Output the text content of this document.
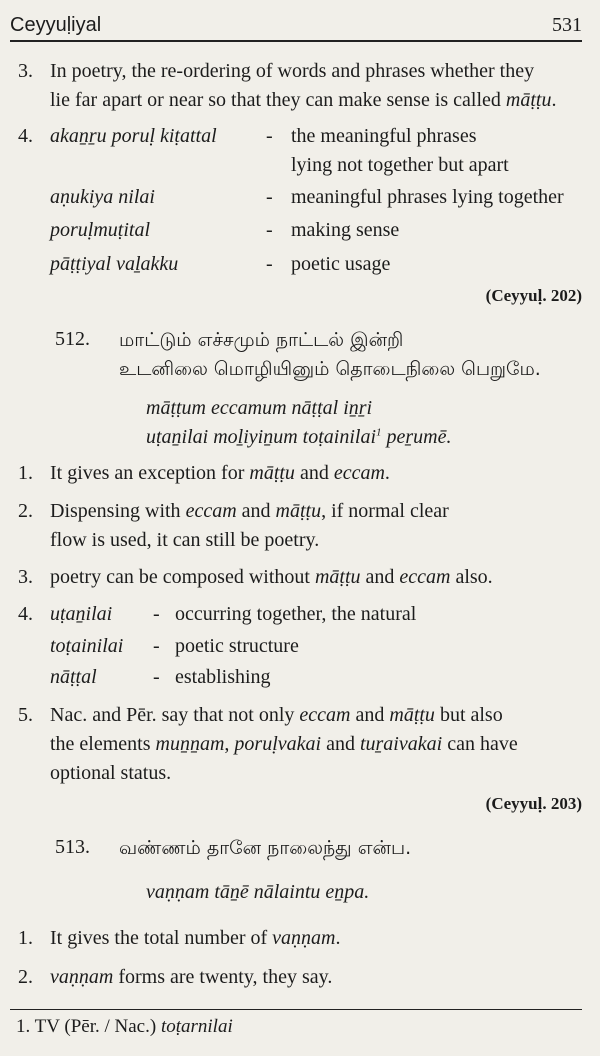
Ceyyuḷiyal	531
3. In poetry, the re-ordering of words and phrases whether they
lie far apart or near so that they can make sense is called māṭṭu.
4. akaṉṟu poruḷ kiṭattal - the meaningful phrases
lying not together but apart
aṇukiya nilai	- meaningful phrases lying together
poruḷmuṭital	- making sense
pāṭṭiyal vaḻakku	- poetic usage
(Ceyyuḷ. 202)
512. மாட்டும் எச்சமும் நாட்டல் இன்றி
உடனிலை மொழியினும் தொடைநிலை பெறுமே.
māṭṭum eccamum nāṭṭal iṉṟi
uṭaṉilai moḻiyiṉum toṭainilai$^1$ peṟumē.
1. It gives an exception for māṭṭu and eccam.
2. Dispensing with eccam and māṭṭu, if normal clear
flow is used, it can still be poetry.
3. poetry can be composed without māṭṭu and eccam also.
4. uṭaṉilai - occurring together, the natural
toṭainilai - poetic structure
nāṭṭal	- establishing
5. Nac. and Pēr. say that not only eccam and māṭṭu but also
the elements muṉṉam, poruḷvakai and tuṟaivakai can have
optional status.
(Ceyyuḷ. 203)
513. வண்ணம் தானே நாலைந்து என்ப.
vaṇṇam tāṉē nālaintu eṉpa.
1. It gives the total number of vaṇṇam.
2. vaṇṇam forms are twenty, they say.
1. TV (Pēr. / Nac.) toṭarnilai
